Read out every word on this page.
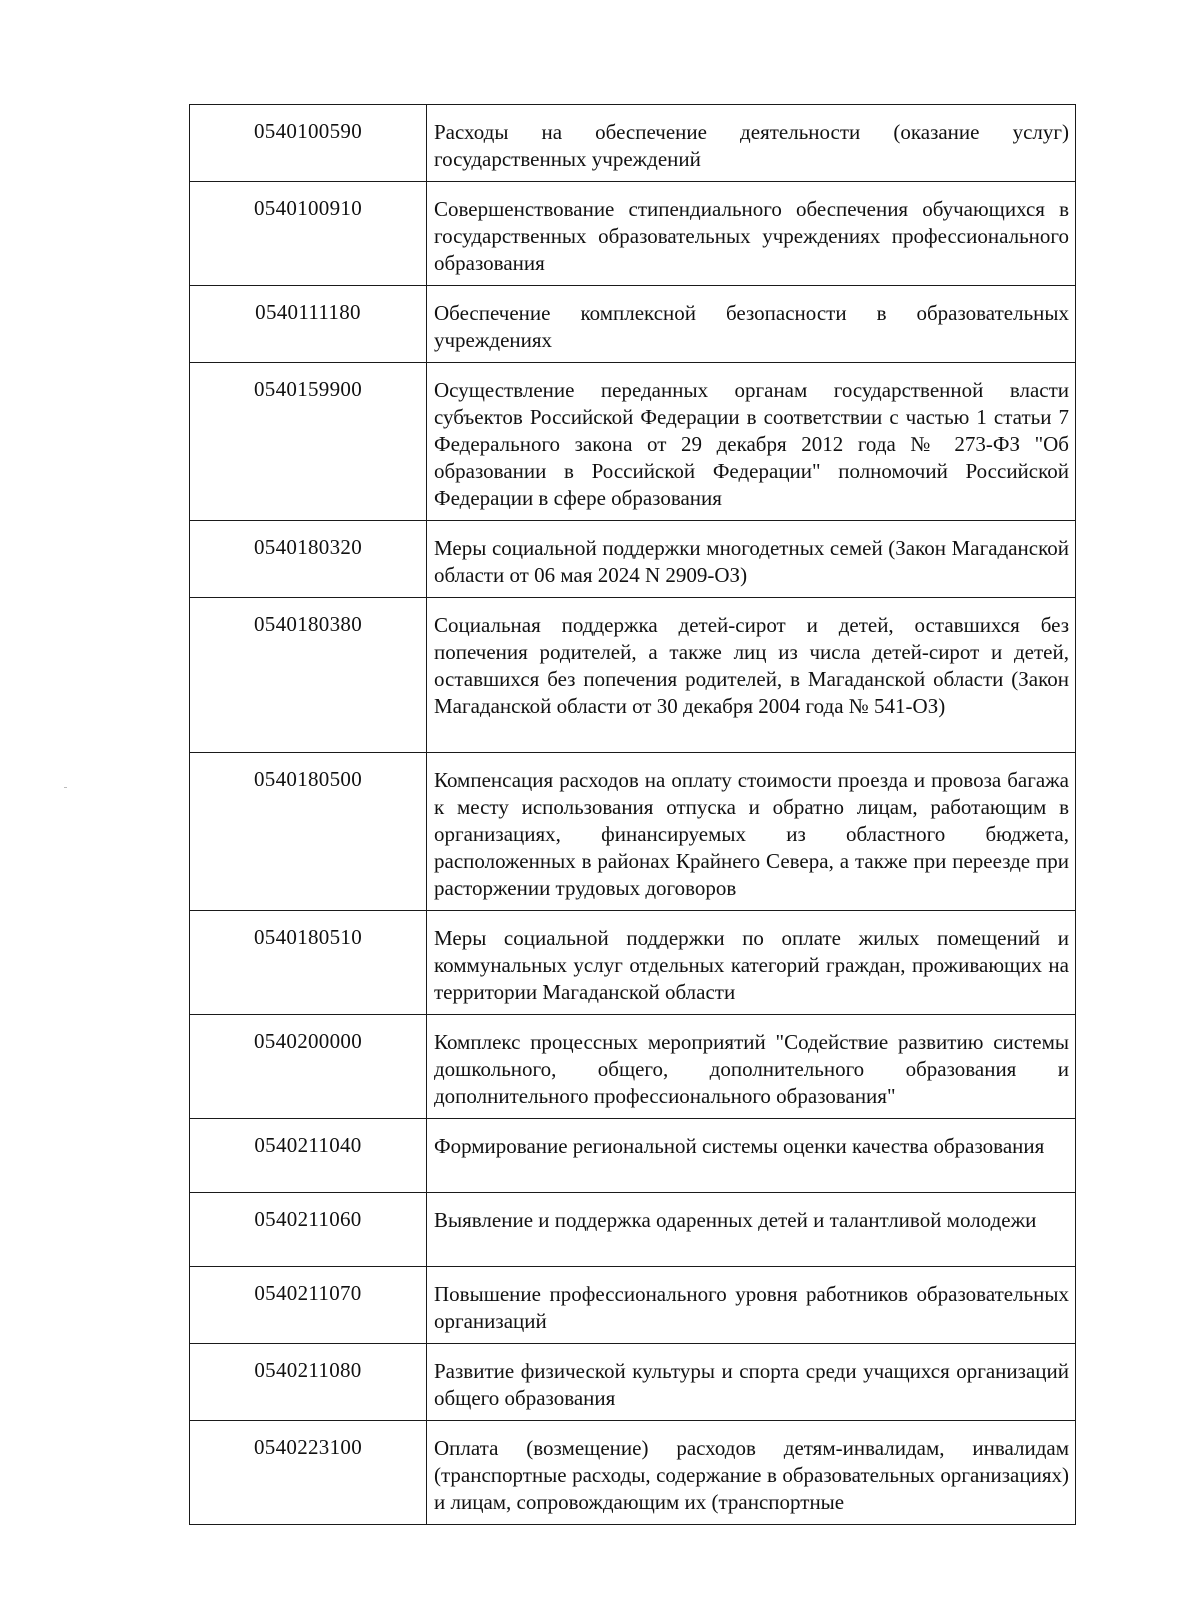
0540100590	Расходы на обеспечение деятельности (оказание услуг) государственных учреждений
0540100910	Совершенствование стипендиального обеспечения обучающихся в государственных образовательных учреждениях профессионального образования
0540111180	Обеспечение комплексной безопасности в образовательных учреждениях
0540159900	Осуществление переданных органам государственной власти субъектов Российской Федерации в соответствии с частью 1 статьи 7 Федерального закона от 29 декабря 2012 года № 273-ФЗ "Об образовании в Российской Федерации" полномочий Российской Федерации в сфере образования
0540180320	Меры социальной поддержки многодетных семей (Закон Магаданской области от 06 мая 2024 N 2909-ОЗ)
0540180380	Социальная поддержка детей-сирот и детей, оставшихся без попечения родителей, а также лиц из числа детей-сирот и детей, оставшихся без попечения родителей, в Магаданской области (Закон Магаданской области от 30 декабря 2004 года № 541-ОЗ)
0540180500	Компенсация расходов на оплату стоимости проезда и провоза багажа к месту использования отпуска и обратно лицам, работающим в организациях, финансируемых из областного бюджета, расположенных в районах Крайнего Севера, а также при переезде при расторжении трудовых договоров
0540180510	Меры социальной поддержки по оплате жилых помещений и коммунальных услуг отдельных категорий граждан, проживающих на территории Магаданской области
0540200000	Комплекс процессных мероприятий "Содействие развитию системы дошкольного, общего, дополнительного образования и дополнительного профессионального образования"
0540211040	Формирование региональной системы оценки качества образования
0540211060	Выявление и поддержка одаренных детей и талантливой молодежи
0540211070	Повышение профессионального уровня работников образовательных организаций
0540211080	Развитие физической культуры и спорта среди учащихся организаций общего образования
0540223100	Оплата (возмещение) расходов детям-инвалидам, инвалидам (транспортные расходы, содержание в образовательных организациях) и лицам, сопровождающим их (транспортные
